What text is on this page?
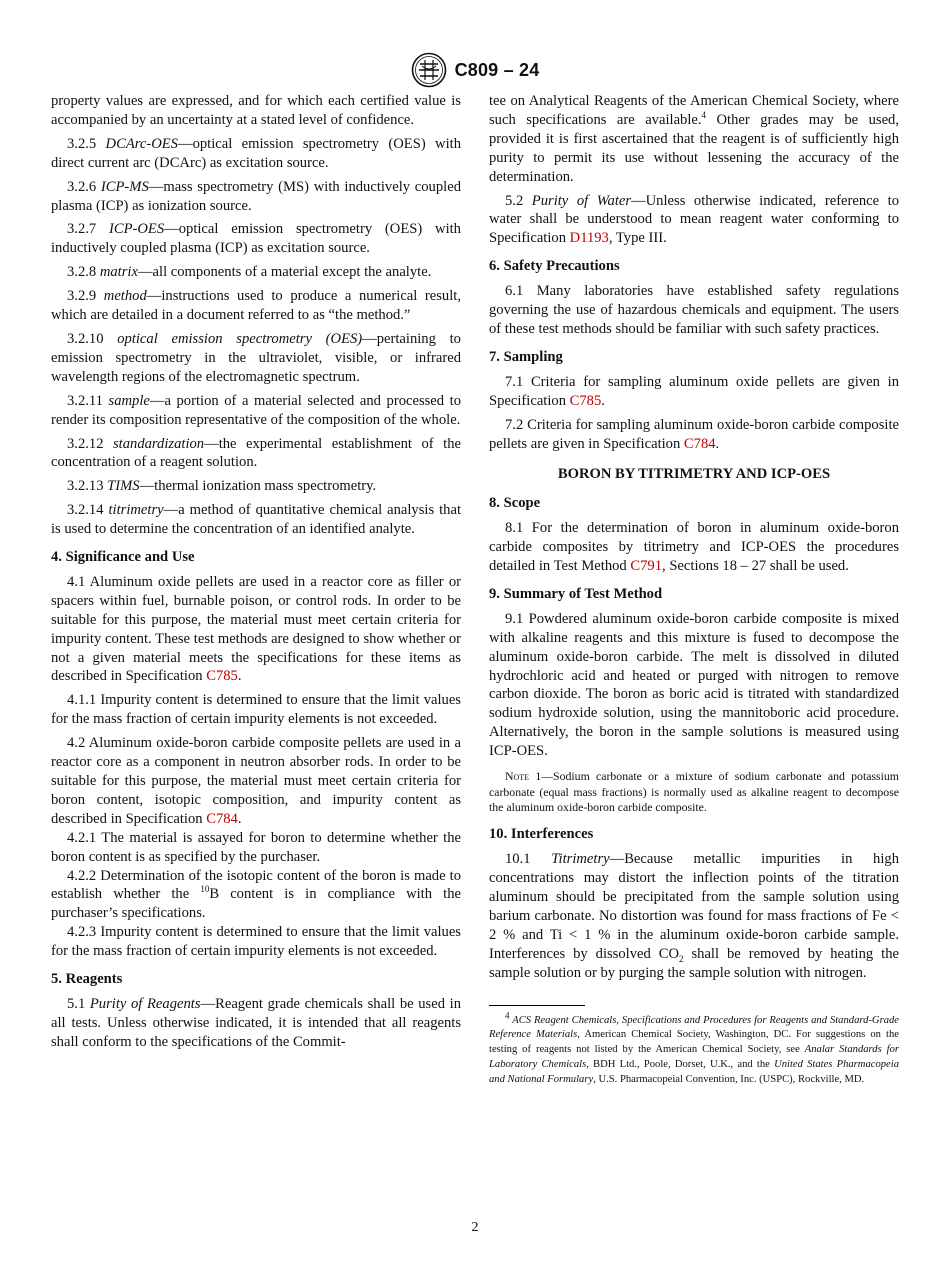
C809 – 24

property values are expressed, and for which each certified value is accompanied by an uncertainty at a stated level of confidence.

3.2.5 DCArc-OES—optical emission spectrometry (OES) with direct current arc (DCArc) as excitation source.

3.2.6 ICP-MS—mass spectrometry (MS) with inductively coupled plasma (ICP) as ionization source.

3.2.7 ICP-OES—optical emission spectrometry (OES) with inductively coupled plasma (ICP) as excitation source.

3.2.8 matrix—all components of a material except the analyte.

3.2.9 method—instructions used to produce a numerical result, which are detailed in a document referred to as “the method.”

3.2.10 optical emission spectrometry (OES)—pertaining to emission spectrometry in the ultraviolet, visible, or infrared wavelength regions of the electromagnetic spectrum.

3.2.11 sample—a portion of a material selected and processed to render its composition representative of the composition of the whole.

3.2.12 standardization—the experimental establishment of the concentration of a reagent solution.

3.2.13 TIMS—thermal ionization mass spectrometry.

3.2.14 titrimetry—a method of quantitative chemical analysis that is used to determine the concentration of an identified analyte.

4. Significance and Use

4.1 Aluminum oxide pellets are used in a reactor core as filler or spacers within fuel, burnable poison, or control rods. In order to be suitable for this purpose, the material must meet certain criteria for impurity content. These test methods are designed to show whether or not a given material meets the specifications for these items as described in Specification C785.

4.1.1 Impurity content is determined to ensure that the limit values for the mass fraction of certain impurity elements is not exceeded.

4.2 Aluminum oxide-boron carbide composite pellets are used in a reactor core as a component in neutron absorber rods. In order to be suitable for this purpose, the material must meet certain criteria for boron content, isotopic composition, and impurity content as described in Specification C784.

4.2.1 The material is assayed for boron to determine whether the boron content is as specified by the purchaser.

4.2.2 Determination of the isotopic content of the boron is made to establish whether the $^{10}$B content is in compliance with the purchaser’s specifications.

4.2.3 Impurity content is determined to ensure that the limit values for the mass fraction of certain impurity elements is not exceeded.

5. Reagents

5.1 Purity of Reagents—Reagent grade chemicals shall be used in all tests. Unless otherwise indicated, it is intended that all reagents shall conform to the specifications of the Commit-

tee on Analytical Reagents of the American Chemical Society, where such specifications are available.$^4$ Other grades may be used, provided it is first ascertained that the reagent is of sufficiently high purity to permit its use without lessening the accuracy of the determination.

5.2 Purity of Water—Unless otherwise indicated, reference to water shall be understood to mean reagent water conforming to Specification D1193, Type III.

6. Safety Precautions

6.1 Many laboratories have established safety regulations governing the use of hazardous chemicals and equipment. The users of these test methods should be familiar with such safety practices.

7. Sampling

7.1 Criteria for sampling aluminum oxide pellets are given in Specification C785.

7.2 Criteria for sampling aluminum oxide-boron carbide composite pellets are given in Specification C784.

BORON BY TITRIMETRY AND ICP-OES
8. Scope

8.1 For the determination of boron in aluminum oxide-boron carbide composites by titrimetry and ICP-OES the procedures detailed in Test Method C791, Sections 18 – 27 shall be used.

9. Summary of Test Method

9.1 Powdered aluminum oxide-boron carbide composite is mixed with alkaline reagents and this mixture is fused to decompose the aluminum oxide-boron carbide. The melt is dissolved in diluted hydrochloric acid and heated or purged with nitrogen to remove carbon dioxide. The boron as boric acid is titrated with standardized sodium hydroxide solution, using the mannitoboric acid procedure. Alternatively, the boron in the sample solutions is measured using ICP-OES.

Note 1—Sodium carbonate or a mixture of sodium carbonate and potassium carbonate (equal mass fractions) is normally used as alkaline reagent to decompose the aluminum oxide-boron carbide composite.

10. Interferences

10.1 Titrimetry—Because metallic impurities in high concentrations may distort the inflection points of the titration aluminum should be precipitated from the sample solution using barium carbonate. No distortion was found for mass fractions of Fe < 2 % and Ti < 1 % in the aluminum oxide-boron carbide sample. Interferences by dissolved $CO_2$ shall be removed by heating the sample solution or by purging the sample solution with nitrogen.

$^4$ ACS Reagent Chemicals, Specifications and Procedures for Reagents and Standard-Grade Reference Materials, American Chemical Society, Washington, DC. For suggestions on the testing of reagents not listed by the American Chemical Society, see Analar Standards for Laboratory Chemicals, BDH Ltd., Poole, Dorset, U.K., and the United States Pharmacopeia and National Formulary, U.S. Pharmacopeial Convention, Inc. (USPC), Rockville, MD.

2
